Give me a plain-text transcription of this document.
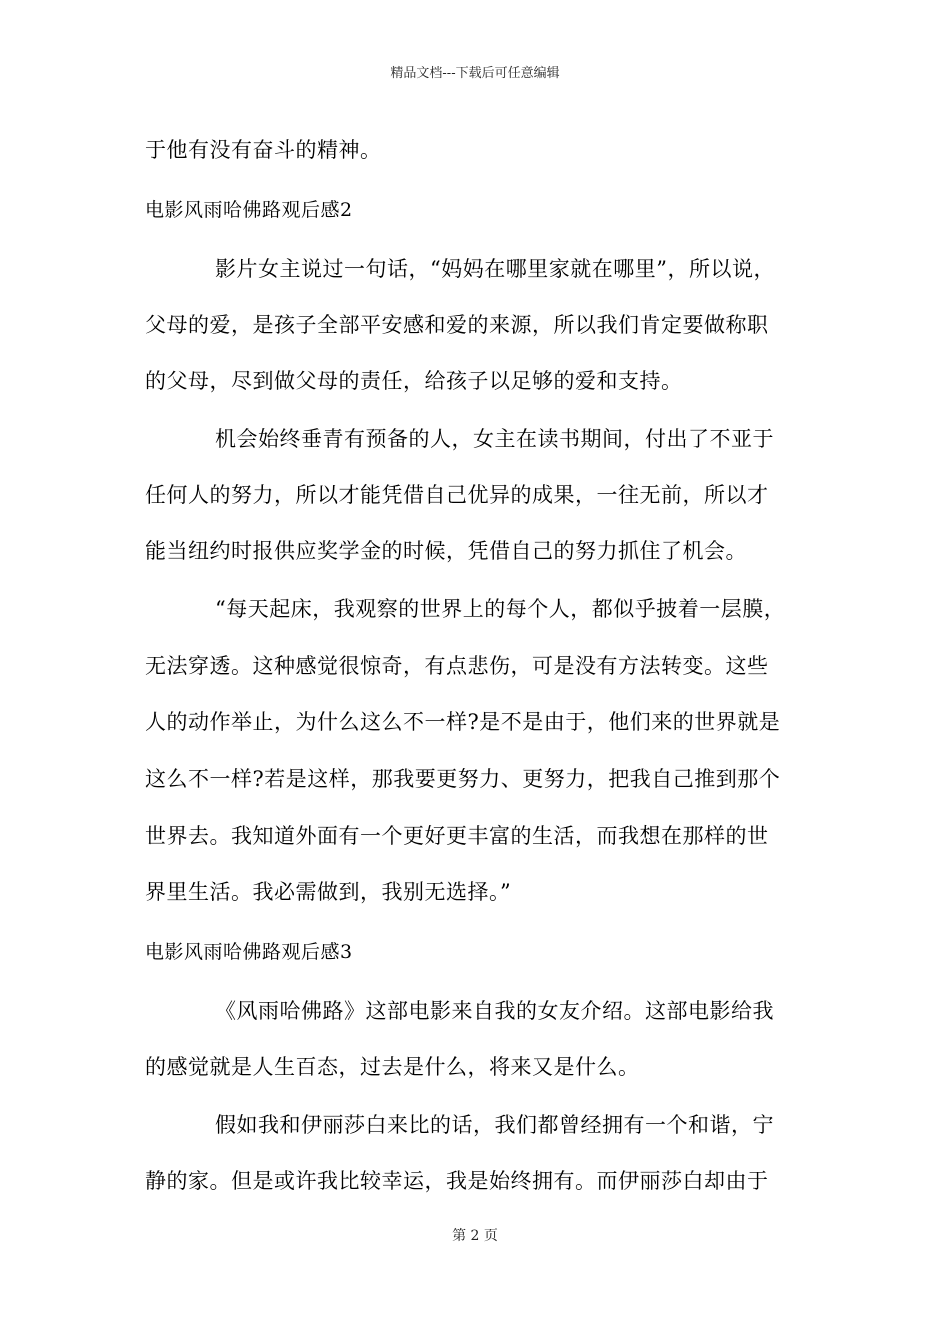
精品文档---下载后可任意编辑
于他有没有奋斗的精神。
电影风雨哈佛路观后感2
影片女主说过一句话，“妈妈在哪里家就在哪里”，所以说，
父母的爱，是孩子全部平安感和爱的来源，所以我们肯定要做称职
的父母，尽到做父母的责任，给孩子以足够的爱和支持。
机会始终垂青有预备的人，女主在读书期间，付出了不亚于
任何人的努力，所以才能凭借自己优异的成果，一往无前，所以才
能当纽约时报供应奖学金的时候，凭借自己的努力抓住了机会。
“每天起床，我观察的世界上的每个人，都似乎披着一层膜，
无法穿透。这种感觉很惊奇，有点悲伤，可是没有方法转变。这些
人的动作举止，为什么这么不一样?是不是由于，他们来的世界就是
这么不一样?若是这样，那我要更努力、更努力，把我自己推到那个
世界去。我知道外面有一个更好更丰富的生活，而我想在那样的世
界里生活。我必需做到，我别无选择。”
电影风雨哈佛路观后感3
《风雨哈佛路》这部电影来自我的女友介绍。这部电影给我
的感觉就是人生百态，过去是什么，将来又是什么。
假如我和伊丽莎白来比的话，我们都曾经拥有一个和谐，宁
静的家。但是或许我比较幸运，我是始终拥有。而伊丽莎白却由于
第 2 页
